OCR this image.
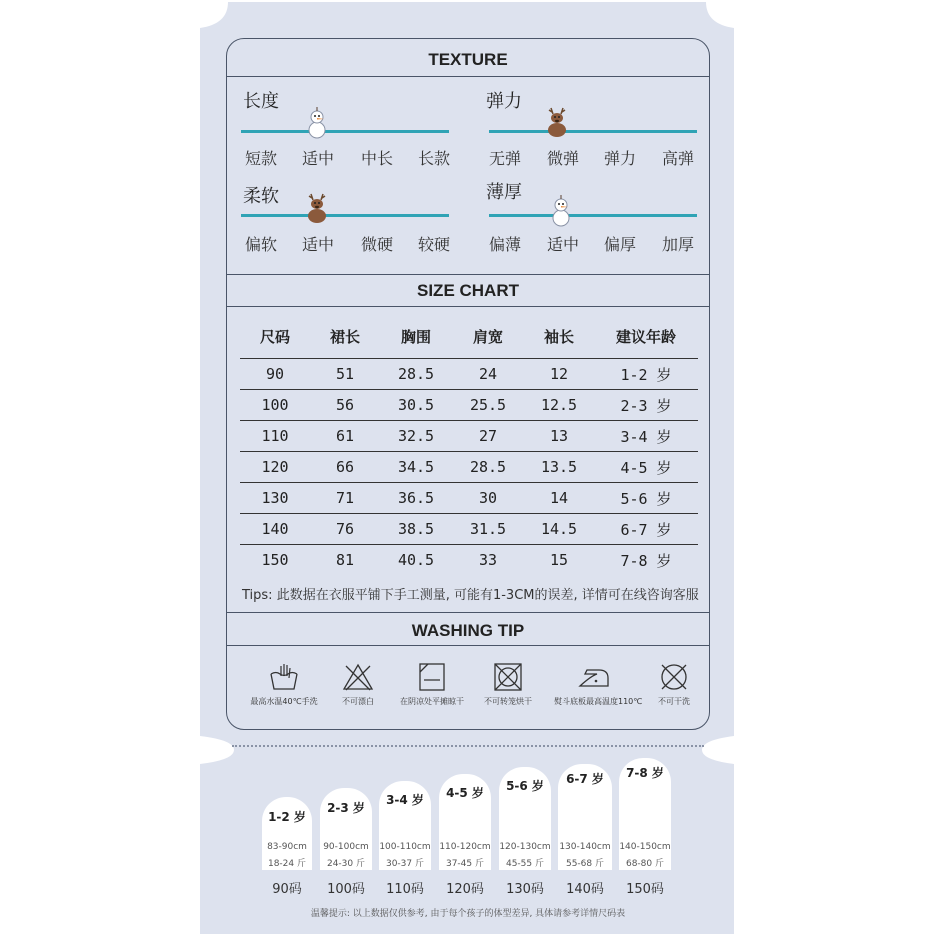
TEXTURE
长度
短款	适中	中长	长款
弹力
无弹	微弹	弹力	高弹
柔软
偏软	适中	微硬	较硬
薄厚
偏薄	适中	偏厚	加厚
SIZE CHART
尺码	裙长	胸围	肩宽	袖长	建议年龄
90	51	28.5	24	12	1-2 岁
100	56	30.5	25.5	12.5	2-3 岁
110	61	32.5	27	13	3-4 岁
120	66	34.5	28.5	13.5	4-5 岁
130	71	36.5	30	14	5-6 岁
140	76	38.5	31.5	14.5	6-7 岁
150	81	40.5	33	15	7-8 岁
Tips: 此数据在衣服平铺下手工测量, 可能有1-3CM的误差, 详情可在线咨询客服
WASHING TIP
最高水温40℃手洗	不可漂白	在阴凉处平摊晾干	不可转笼烘干	熨斗底板最高温度110℃	不可干洗
1-2 岁
83-90cm
18-24 斤
2-3 岁
90-100cm
24-30 斤
3-4 岁
100-110cm
30-37 斤
4-5 岁
110-120cm
37-45 斤
5-6 岁
120-130cm
45-55 斤
6-7 岁
130-140cm
55-68 斤
7-8 岁
140-150cm
68-80 斤
90码	100码	110码	120码	130码	140码	150码
温馨提示: 以上数据仅供参考, 由于每个孩子的体型差异, 具体请参考详情尺码表
